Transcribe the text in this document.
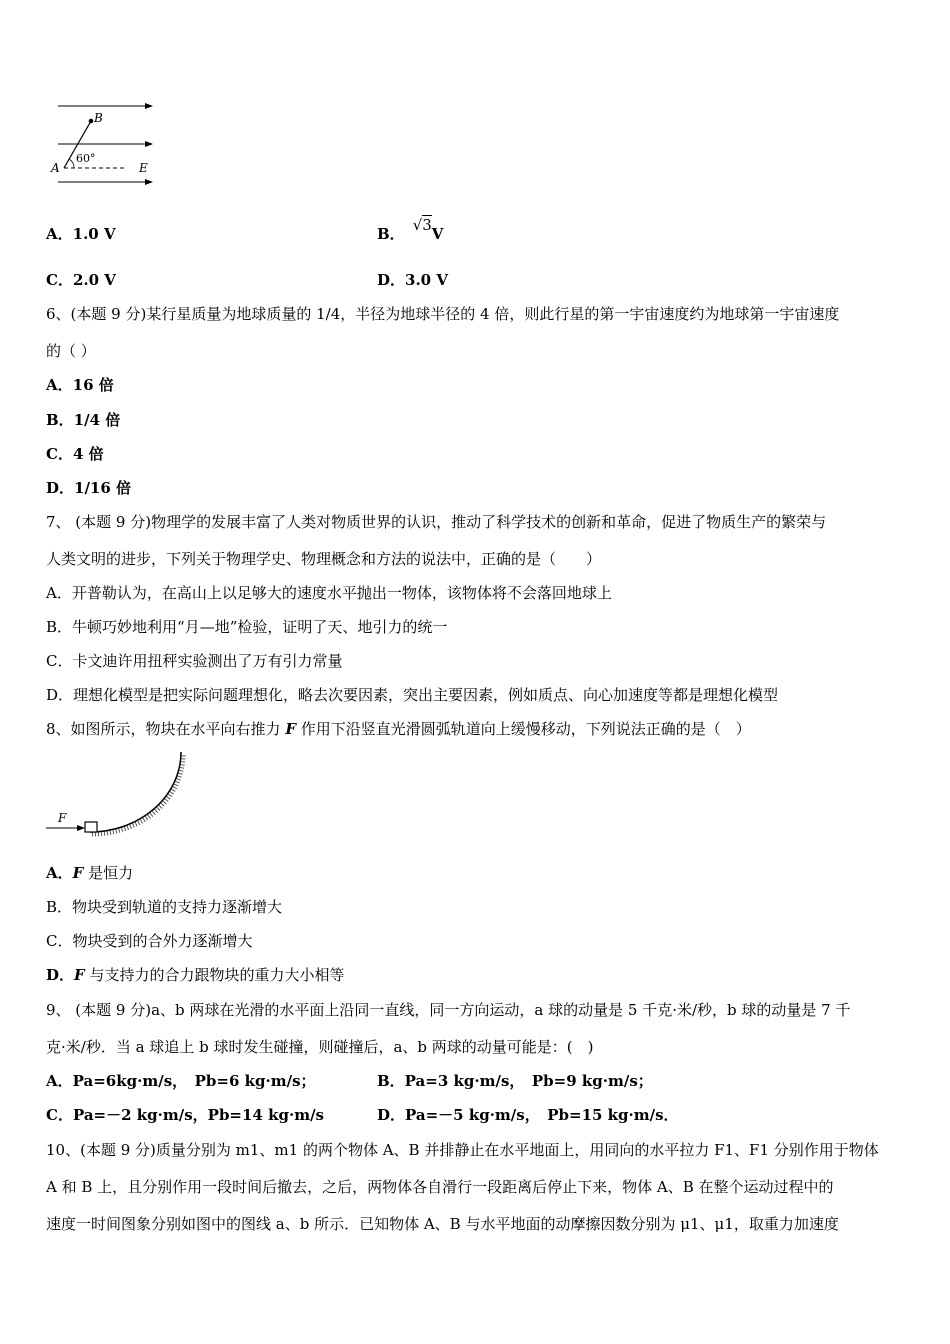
B
A	E
60°
A．1.0 V	B． √3V
C．2.0 V	D．3.0 V
6、(本题 9 分)某行星质量为地球质量的 1/4，半径为地球半径的 4 倍，则此行星的第一宇宙速度约为地球第一宇宙速度
的（ ）
A．16 倍
B．1/4 倍
C．4 倍
D．1/16 倍
7、 (本题 9 分)物理学的发展丰富了人类对物质世界的认识，推动了科学技术的创新和革命，促进了物质生产的繁荣与
人类文明的进步，下列关于物理学史、物理概念和方法的说法中，正确的是（　　）
A．开普勒认为，在高山上以足够大的速度水平抛出一物体，该物体将不会落回地球上
B．牛顿巧妙地利用“月—地”检验，证明了天、地引力的统一
C．卡文迪许用扭秤实验测出了万有引力常量
D．理想化模型是把实际问题理想化，略去次要因素，突出主要因素，例如质点、向心加速度等都是理想化模型
8、如图所示，物块在水平向右推力 F 作用下沿竖直光滑圆弧轨道向上缓慢移动，下列说法正确的是（　）
F
A．F 是恒力
B．物块受到轨道的支持力逐渐增大
C．物块受到的合外力逐渐增大
D．F 与支持力的合力跟物块的重力大小相等
9、 (本题 9 分)a、b 两球在光滑的水平面上沿同一直线，同一方向运动，a 球的动量是 5 千克·米/秒，b 球的动量是 7 千
克·米/秒．当 a 球追上 b 球时发生碰撞，则碰撞后，a、b 两球的动量可能是：(　)
A．Pa=6kg·m/s，　Pb=6 kg·m/s；	B．Pa=3 kg·m/s，　Pb=9 kg·m/s；
C．Pa=－2 kg·m/s，Pb=14 kg·m/s	D．Pa=－5 kg·m/s，　Pb=15 kg·m/s．
10、(本题 9 分)质量分别为 m1、m1 的两个物体 A、B 并排静止在水平地面上，用同向的水平拉力 F1、F1 分别作用于物体
A 和 B 上，且分别作用一段时间后撤去，之后，两物体各自滑行一段距离后停止下来，物体 A、B 在整个运动过程中的
速度一时间图象分别如图中的图线 a、b 所示．已知物体 A、B 与水平地面的动摩擦因数分别为 μ1、μ1，取重力加速度
